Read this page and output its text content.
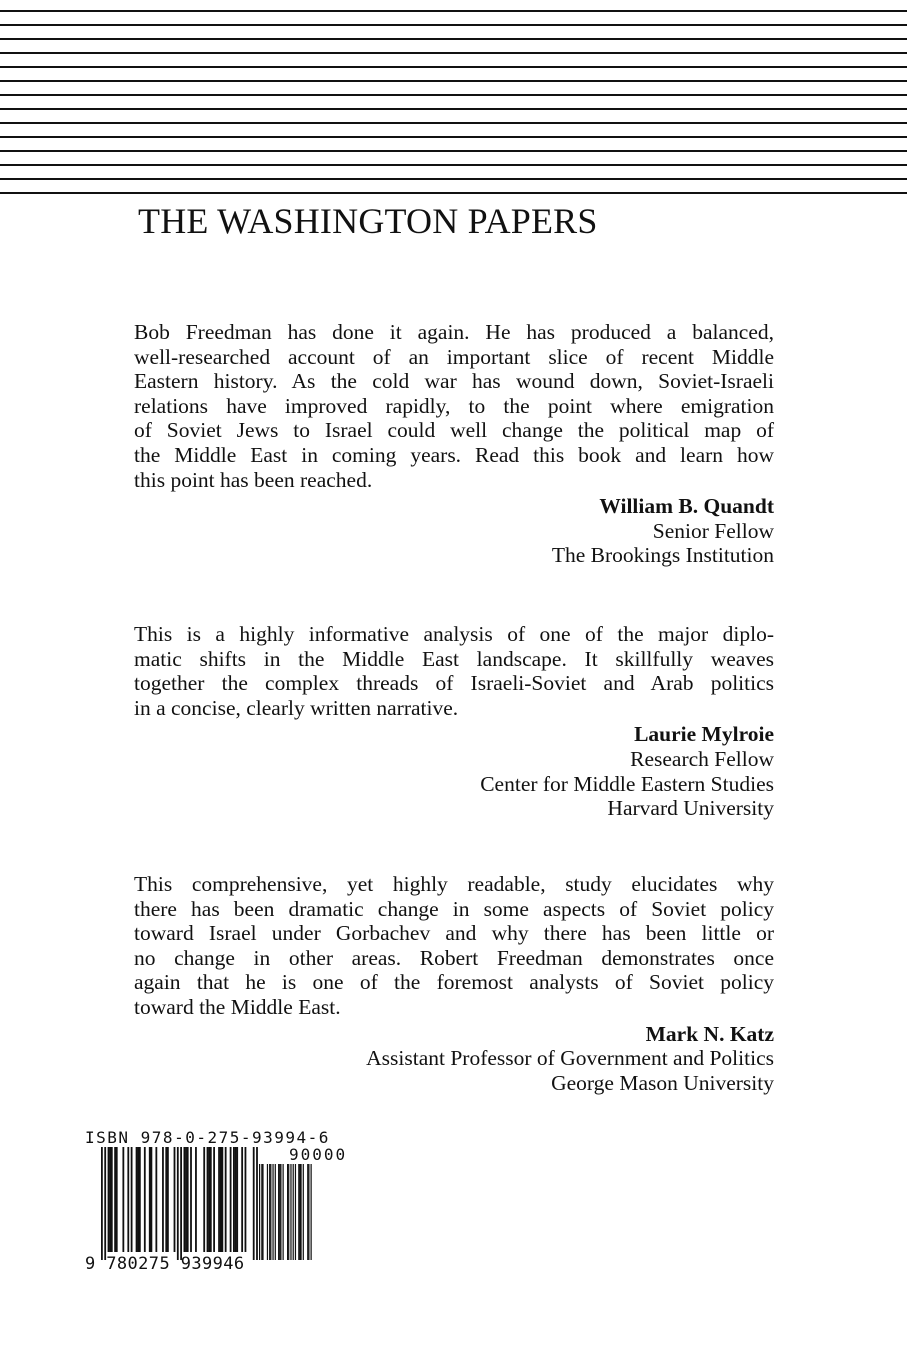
THE WASHINGTON PAPERS
Bob Freedman has done it again. He has produced a balanced,
well-researched account of an important slice of recent Middle
Eastern history. As the cold war has wound down, Soviet-Israeli
relations have improved rapidly, to the point where emigration
of Soviet Jews to Israel could well change the political map of
the Middle East in coming years. Read this book and learn how
this point has been reached.
William B. Quandt
Senior Fellow
The Brookings Institution
This is a highly informative analysis of one of the major diplo-
matic shifts in the Middle East landscape. It skillfully weaves
together the complex threads of Israeli-Soviet and Arab politics
in a concise, clearly written narrative.
Laurie Mylroie
Research Fellow
Center for Middle Eastern Studies
Harvard University
This comprehensive, yet highly readable, study elucidates why
there has been dramatic change in some aspects of Soviet policy
toward Israel under Gorbachev and why there has been little or
no change in other areas. Robert Freedman demonstrates once
again that he is one of the foremost analysts of Soviet policy
toward the Middle East.
Mark N. Katz
Assistant Professor of Government and Politics
George Mason University
ISBN 978-0-275-93994-6
90000
9 780275 939946
